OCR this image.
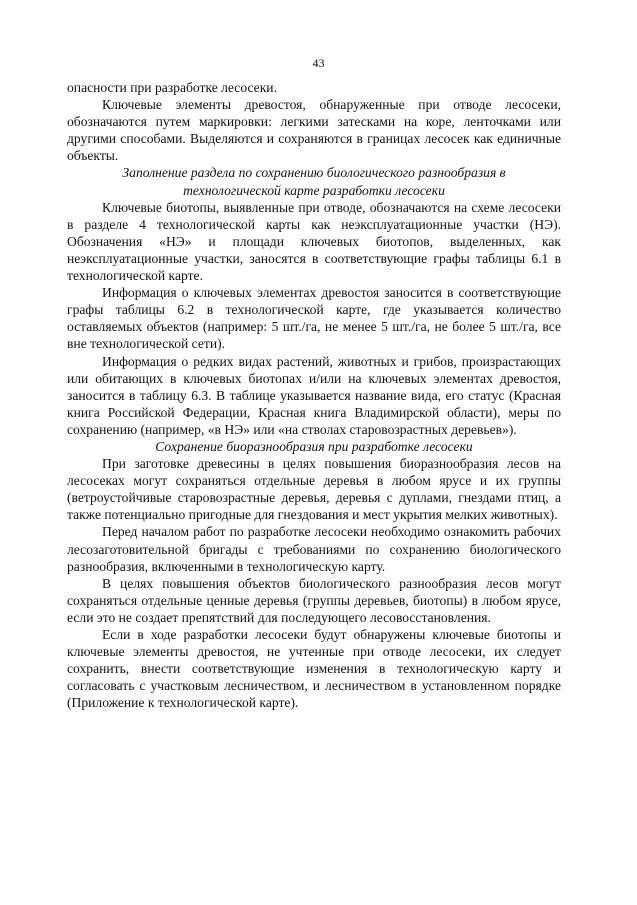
43

опасности при разработке лесосеки.

Ключевые элементы древостоя, обнаруженные при отводе лесосеки, обозначаются путем маркировки: легкими затесками на коре, ленточками или другими способами. Выделяются и сохраняются в границах лесосек как единичные объекты.

Заполнение раздела по сохранению биологического разнообразия в
технологической карте разработки лесосеки

Ключевые биотопы, выявленные при отводе, обозначаются на схеме лесосеки в разделе 4 технологической карты как неэксплуатационные участки (НЭ). Обозначения «НЭ» и площади ключевых биотопов, выделенных, как неэксплуатационные участки, заносятся в соответствующие графы таблицы 6.1 в технологической карте.

Информация о ключевых элементах древостоя заносится в соответствующие графы таблицы 6.2 в технологической карте, где указывается количество оставляемых объектов (например: 5 шт./га, не менее 5 шт./га, не более 5 шт./га, все вне технологической сети).

Информация о редких видах растений, животных и грибов, произрастающих или обитающих в ключевых биотопах и/или на ключевых элементах древостоя, заносится в таблицу 6.3. В таблице указывается название вида, его статус (Красная книга Российской Федерации, Красная книга Владимирской области), меры по сохранению (например, «в НЭ» или «на стволах старовозрастных деревьев»).

Сохранение биоразнообразия при разработке лесосеки

При заготовке древесины в целях повышения биоразнообразия лесов на лесосеках могут сохраняться отдельные деревья в любом ярусе и их группы (ветроустойчивые старовозрастные деревья, деревья с дуплами, гнездами птиц, а также потенциально пригодные для гнездования и мест укрытия мелких животных).

Перед началом работ по разработке лесосеки необходимо ознакомить рабочих лесозаготовительной бригады с требованиями по сохранению биологического разнообразия, включенными в технологическую карту.

В целях повышения объектов биологического разнообразия лесов могут сохраняться отдельные ценные деревья (группы деревьев, биотопы) в любом ярусе, если это не создает препятствий для последующего лесовосстановления.

Если в ходе разработки лесосеки будут обнаружены ключевые биотопы и ключевые элементы древостоя, не учтенные при отводе лесосеки, их следует сохранить, внести соответствующие изменения в технологическую карту и согласовать с участковым лесничеством, и лесничеством в установленном порядке (Приложение к технологической карте).
